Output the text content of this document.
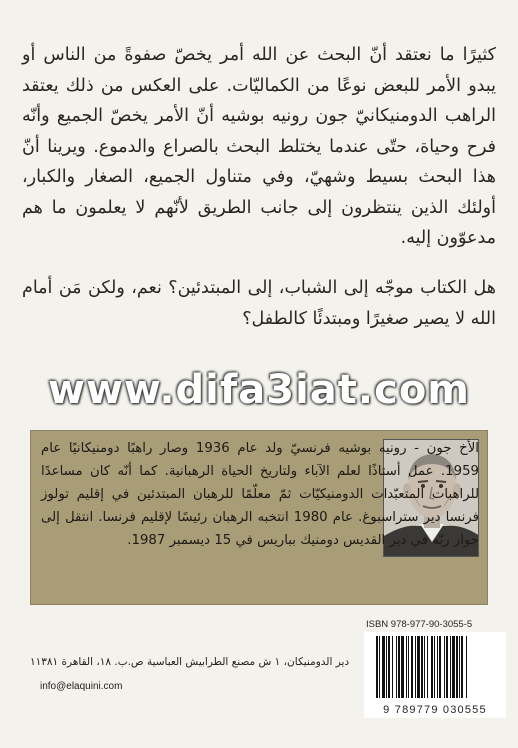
كثيرًا ما نعتقد أنّ البحث عن الله أمر يخصّ صفوةً من الناس أو يبدو الأمر للبعض نوعًا من الكماليّات. على العكس من ذلك يعتقد الراهب الدومنيكانيّ جون رونيه بوشيه أنّ الأمر يخصّ الجميع وأنّه فرح وحياة، حتّى عندما يختلط البحث بالصراع والدموع. ويرينا أنّ هذا البحث بسيط وشهيّ، وفي متناول الجميع، الصغار والكبار، أولئك الذين ينتظرون إلى جانب الطريق لأنّهم لا يعلمون ما هم مدعوّون إليه.

هل الكتاب موجّه إلى الشباب، إلى المبتدئين؟ نعم، ولكن مَن أمام الله لا يصير صغيرًا ومبتدئًا كالطفل؟

www.difa3iat.com

الأخ جون - رونيه بوشيه فرنسيّ ولد عام 1936 وصار راهبًا دومنيكانيًا عام 1959. عمل أستاذًا لعلم الآباء ولتاريخ الحياة الرهبانية. كما أنّه كان مساعدًا للراهبات المتعبّدات الدومنيكيّات ثمّ معلّمًا للرهبان المبتدئين في إقليم تولوز فرنسا دير ستراسبوغ. عام 1980 انتخبه الرهبان رئيسًا لإقليم فرنسا. انتقل إلى جوار ربّه في دير القديس دومنيك بباريس في 15 ديسمبر 1987.

ISBN 978-977-90-3055-5
9 789779 030555
دير الدومنيكان، ١ ش مصنع الطرابيش العباسية ص.ب. ١٨، القاهرة ١١٣٨١
info@elaquini.com
